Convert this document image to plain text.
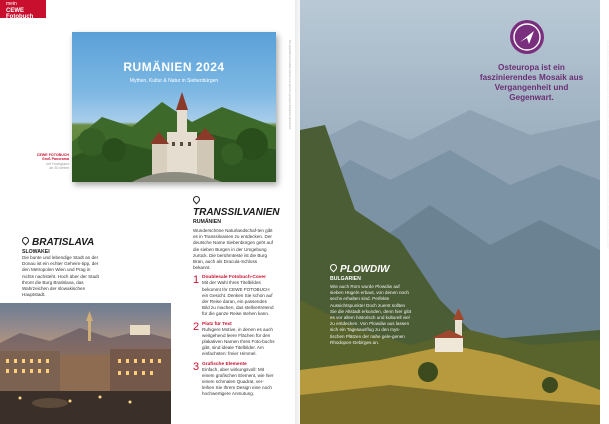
mein
CEWE Fotobuch
RUMÄNIEN 2024
Mythen, Kultur & Natur in Siebenbürgen
CEWE FOTOBUCH
Groß Panorama
mit Hochglanz
ab 30 seiten
Die abgebildeten Produkte können von den hier gezeigten Beispielen abweichen.
BRATISLAVA
SLOWAKEI
Die bunte und lebendige Stadt an der Donau ist ein echter Geheim-tipp, der den Metropolen Wien und Prag in nichts nachsteht. Hoch über der Stadt thront die Burg Bratislava, das Wahrzeichen der slowakischen Hauptstadt.
TRANSSILVANIEN
RUMÄNIEN
Wunderschöne Naturlandschaf-ten gibt es in Transsilvanien zu entdecken. Der deutsche Name Siebenbürgen geht auf die sieben Burgen in der Umgebung zurück. Die berühmteste ist die Burg Bran, auch als Dracula-Schloss bekannt.
1 Doublesale Fotobuch-Cover
Mit der Wahl Ihres Titelbildes bekommt Ihr CEWE FOTOBUCH ein Gesicht. Denken Sie schon auf der Reise daran, ein passendes Bild zu machen, das stellvertretend für die ganze Reise stehen kann.
2 Platz für Text
Ruhigere Motive, in denen es auch weitgehend leere Flächen für den plakativen Namen Ihres Foto-buchs gibt, sind ideale Titelbilder. Am einfachsten: freier Himmel.
3 Grafische Elemente
Einfach, aber wirkungsvoll: Mit einem grafischen Element, wie hier einem schmalen Quadrat, ver-leihen Sie Ihrem Design eine noch hochwertigere Anmutung.
Alle abgebildeten Inhalte sind nur exemplarisch. Es ist auch möglich, dass Sie Ihre Bilder in anderen Layouts verwenden und gestalten können. Inhalte und Design sind frei gestaltbar.
Osteuropa ist ein faszinierendes Mosaik aus Vergangenheit und Gegenwart.
PLOWDIW
BULGARIEN
Wie auch Rom wurde Plowdiw auf sieben Hügeln erbaut, von denen noch sechs erhalten sind. Perfekte Aussichtspunkte! Doch zuerst sollten Sie die Altstadt erkunden, denn hier gibt es vor allem historisch und kulturell viel zu entdecken. Von Plowdiw aus lassen sich ein Tagesausflug zu den mys-tischen Plätzen der nahe gele-genen Rhodopen-Gebirges an.
